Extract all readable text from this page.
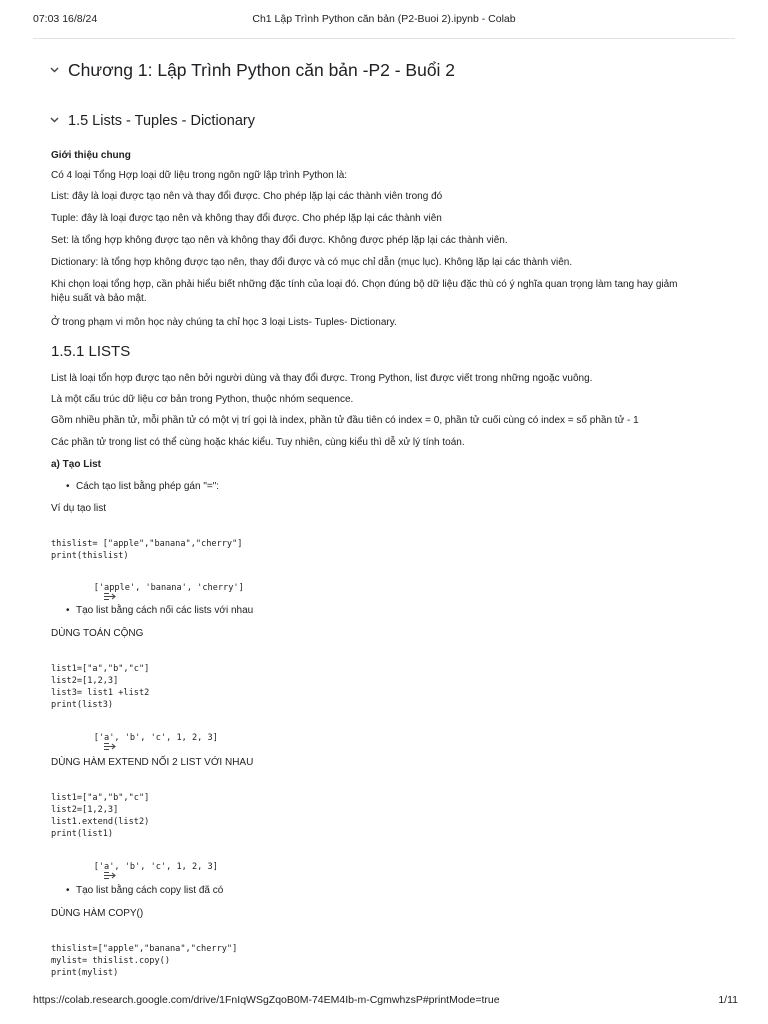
07:03 16/8/24	Ch1 Lập Trình Python căn bản (P2-Buoi 2).ipynb - Colab
Chương 1: Lập Trình Python căn bản -P2 - Buổi 2
1.5 Lists - Tuples - Dictionary
Giới thiệu chung
Có 4 loại Tổng Hợp loại dữ liệu trong ngôn ngữ lập trình Python là:
List: đây là loại được tạo nên và thay đổi được. Cho phép lặp lại các thành viên trong đó
Tuple: đây là loại được tạo nên và không thay đổi được. Cho phép lặp lại các thành viên
Set: là tổng hợp không được tạo nên và không thay đổi được. Không được phép lặp lại các thành viên.
Dictionary: là tổng hợp không được tạo nên, thay đổi được và có mục chỉ dẫn (mục lục). Không lặp lại các thành viên.
Khi chọn loại tổng hợp, cần phải hiểu biết những đặc tính của loại đó. Chọn đúng bộ dữ liệu đặc thù có ý nghĩa quan trọng làm tang hay giảm hiệu suất và bảo mật.
Ở trong phạm vi môn học này chúng ta chỉ học 3 loại Lists- Tuples- Dictionary.
1.5.1 LISTS
List là loại tổn hợp được tạo nên bởi người dùng và thay đổi được. Trong Python, list được viết trong những ngoặc vuông.
Là một cấu trúc dữ liệu cơ bản trong Python, thuộc nhóm sequence.
Gồm nhiều phần tử, mỗi phần tử có một vị trí gọi là index, phần tử đầu tiên có index = 0, phần tử cuối cùng có index = số phần tử - 1
Các phần tử trong list có thể cùng hoặc khác kiểu. Tuy nhiên, cùng kiểu thì dễ xử lý tính toán.
a) Tạo List
• Cách tạo list bằng phép gán "=":
Ví dụ tạo list
thislist= ["apple","banana","cherry"]
print(thislist)

['apple', 'banana', 'cherry']

• Tạo list bằng cách nối các lists với nhau
DÙNG TOÁN CỘNG
list1=["a","b","c"]
list2=[1,2,3]
list3= list1 +list2
print(list3)

['a', 'b', 'c', 1, 2, 3]

DÙNG HÀM EXTEND NỐI 2 LIST VỚI NHAU
list1=["a","b","c"]
list2=[1,2,3]
list1.extend(list2)
print(list1)

['a', 'b', 'c', 1, 2, 3]

• Tạo list bằng cách copy list đã có
DÙNG HÀM COPY()
thislist=["apple","banana","cherry"]
mylist= thislist.copy()
print(mylist)
https://colab.research.google.com/drive/1FnIqWSgZqoB0M-74EM4Ib-m-CgmwhzsP#printMode=true	1/11
